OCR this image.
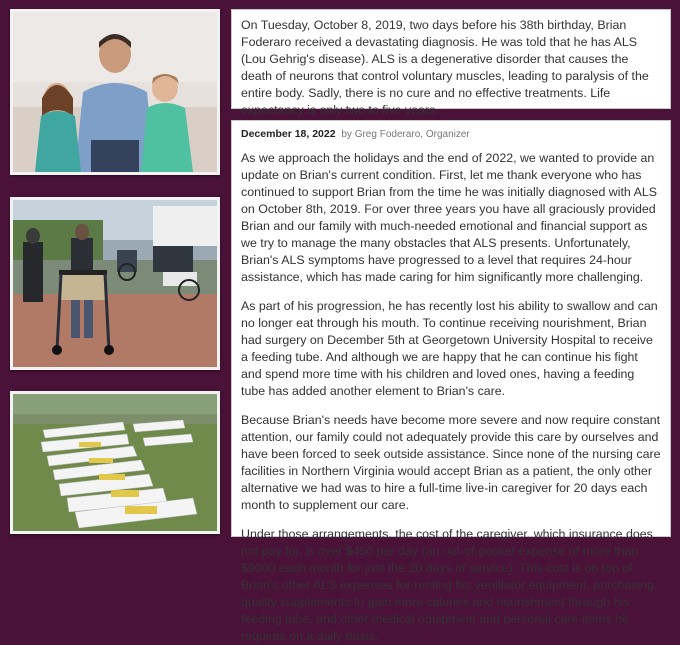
On Tuesday, October 8, 2019, two days before his 38th birthday, Brian Foderaro received a devastating diagnosis. He was told that he has ALS (Lou Gehrig's disease). ALS is a degenerative disorder that causes the death of neurons that control voluntary muscles, leading to paralysis of the entire body. Sadly, there is no cure and no effective treatments. Life expectancy is only two to five years.
December 18, 2022 by Greg Foderaro, Organizer

As we approach the holidays and the end of 2022, we wanted to provide an update on Brian's current condition. First, let me thank everyone who has continued to support Brian from the time he was initially diagnosed with ALS on October 8th, 2019. For over three years you have all graciously provided Brian and our family with much-needed emotional and financial support as we try to manage the many obstacles that ALS presents. Unfortunately, Brian's ALS symptoms have progressed to a level that requires 24-hour assistance, which has made caring for him significantly more challenging.

As part of his progression, he has recently lost his ability to swallow and can no longer eat through his mouth. To continue receiving nourishment, Brian had surgery on December 5th at Georgetown University Hospital to receive a feeding tube. And although we are happy that he can continue his fight and spend more time with his children and loved ones, having a feeding tube has added another element to Brian's care.

Because Brian's needs have become more severe and now require constant attention, our family could not adequately provide this care by ourselves and have been forced to seek outside assistance. Since none of the nursing care facilities in Northern Virginia would accept Brian as a patient, the only other alternative we had was to hire a full-time live-in caregiver for 20 days each month to supplement our care.

Under those arrangements, the cost of the caregiver, which insurance does not pay for, is over $450 per day (an out-of-pocket expense of more than $9000 each month for just the 20 days of service). This cost is on top of Brian's other ALS expenses for renting his ventilator equipment, purchasing quality supplements to gain more calories and nourishment through his feeding tube, and other medical equipment and personal care items he requires on a daily basis.
